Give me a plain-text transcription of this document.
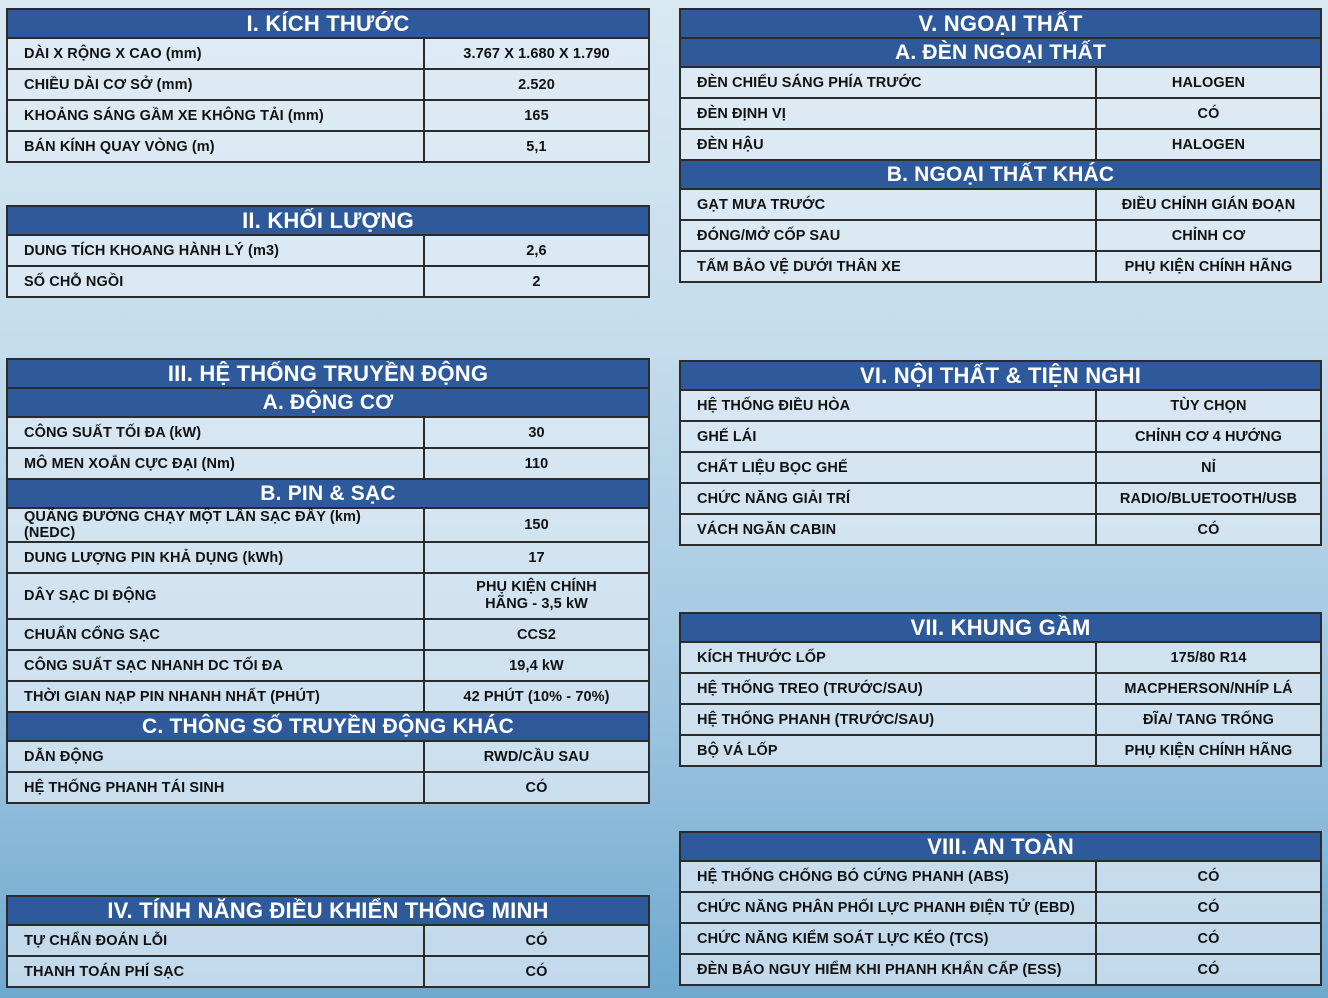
I. KÍCH THƯỚC	
DÀI X RỘNG X CAO (mm)	3.767 X 1.680 X 1.790
CHIỀU DÀI CƠ SỞ (mm)	2.520
KHOẢNG SÁNG GẦM XE KHÔNG TẢI (mm)	165
BÁN KÍNH QUAY VÒNG (m)	5,1
II. KHỐI LƯỢNG	
DUNG TÍCH KHOANG HÀNH LÝ (m3)	2,6
SỐ CHỖ NGỒI	2
III. HỆ THỐNG TRUYỀN ĐỘNG	
A. ĐỘNG CƠ	
CÔNG SUẤT TỐI ĐA (kW)	30
MÔ MEN XOẮN CỰC ĐẠI (Nm)	110
B. PIN & SẠC	
QUÃNG ĐƯỜNG CHẠY MỘT LẦN SẠC ĐẦY (km) (NEDC)	150
DUNG LƯỢNG PIN KHẢ DỤNG (kWh)	17
DÂY SẠC DI ĐỘNG	PHỤ KIỆN CHÍNH HÃNG - 3,5 kW
CHUẨN CỔNG SẠC	CCS2
CÔNG SUẤT SẠC NHANH DC TỐI ĐA	19,4 kW
THỜI GIAN NẠP PIN NHANH NHẤT (PHÚT)	42 PHÚT (10% - 70%)
C. THÔNG SỐ TRUYỀN ĐỘNG KHÁC	
DẪN ĐỘNG	RWD/CẦU SAU
HỆ THỐNG PHANH TÁI SINH	CÓ
IV. TÍNH NĂNG ĐIỀU KHIỂN THÔNG MINH	
TỰ CHẨN ĐOÁN LỖI	CÓ
THANH TOÁN PHÍ SẠC	CÓ
V. NGOẠI THẤT	
A. ĐÈN NGOẠI THẤT	
ĐÈN CHIẾU SÁNG PHÍA TRƯỚC	HALOGEN
ĐÈN ĐỊNH VỊ	CÓ
ĐÈN HẬU	HALOGEN
B. NGOẠI THẤT KHÁC	
GẠT MƯA TRƯỚC	ĐIỀU CHỈNH GIÁN ĐOẠN
ĐÓNG/MỞ CỐP SAU	CHỈNH CƠ
TẤM BẢO VỆ DƯỚI THÂN XE	PHỤ KIỆN CHÍNH HÃNG
VI. NỘI THẤT & TIỆN NGHI	
HỆ THỐNG ĐIỀU HÒA	TÙY CHỌN
GHẾ LÁI	CHỈNH CƠ 4 HƯỚNG
CHẤT LIỆU BỌC GHẾ	NỈ
CHỨC NĂNG GIẢI TRÍ	RADIO/BLUETOOTH/USB
VÁCH NGĂN CABIN	CÓ
VII. KHUNG GẦM	
KÍCH THƯỚC LỐP	175/80 R14
HỆ THỐNG TREO (TRƯỚC/SAU)	MACPHERSON/NHÍP LÁ
HỆ THỐNG PHANH (TRƯỚC/SAU)	ĐĨA/ TANG TRỐNG
BỘ VÁ LỐP	PHỤ KIỆN CHÍNH HÃNG
VIII. AN TOÀN	
HỆ THỐNG CHỐNG BÓ CỨNG PHANH (ABS)	CÓ
CHỨC NĂNG PHÂN PHỐI LỰC PHANH ĐIỆN TỬ (EBD)	CÓ
CHỨC NĂNG KIỂM SOÁT LỰC KÉO (TCS)	CÓ
ĐÈN BÁO NGUY HIỂM KHI PHANH KHẨN CẤP (ESS)	CÓ
